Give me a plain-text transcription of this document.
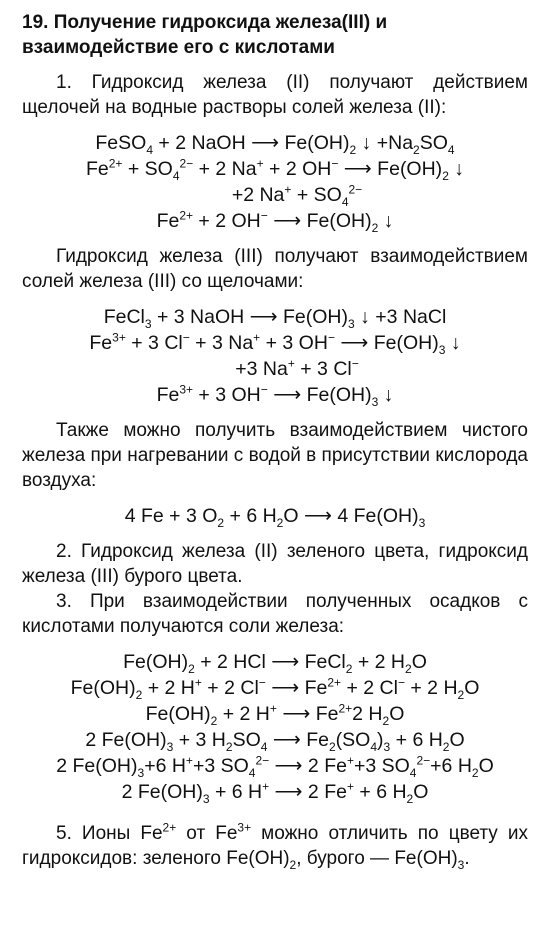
19. Получение гидроксида железа(III) и взаимодействие его с кислотами

1. Гидроксид железа (II) получают действием щелочей на водные растворы солей железа (II):

FeSO$_4$ + 2 NaOH ⟶ $Fe(OH)_2$ ↓ $+Na_2SO_4$
$Fe^{2+} + SO_4^{2-} + 2$ Na+ + 2 OH− ⟶ $Fe(OH)_2$ ↓
+2 $Na^+ + SO_4^{2-}$
$Fe^{2+} + 2$ OH− ⟶ $Fe(OH)_2$ ↓

Гидроксид железа (III) получают взаимодействием солей железа (III) со щелочами:

FeCl$_3$ + 3 NaOH ⟶ $Fe(OH)_3$ ↓ +3 NaCl
$Fe^{3+} + 3$ Cl− + 3 Na+ + 3 OH− ⟶ $Fe(OH)_3$ ↓
+3 Na+ + 3 Cl−
$Fe^{3+} + 3$ OH− ⟶ $Fe(OH)_3$ ↓

Также можно получить взаимодействием чистого железа при нагревании с водой в присутствии кислорода воздуха:

4 Fe + 3 $O_2 + 6$ $H_2O$ ⟶ 4 $Fe(OH)_3$

2. Гидроксид железа (II) зеленого цвета, гидроксид железа (III) бурого цвета.

3. При взаимодействии полученных осадков с кислотами получаются соли железа:

$Fe(OH)_2 + 2$ HCl ⟶ FeCl$_2$ + 2 $H_2O$
$Fe(OH)_2 + 2$ H+ + 2 Cl− ⟶ $Fe^{2+} + 2$ Cl− + 2 $H_2O$
$Fe(OH)_2 + 2$ H+ ⟶ $Fe^{2+}2$ $H_2O$
2 $Fe(OH)_3 + 3$ $H_2SO_4$ ⟶ $Fe_2(SO_4)_3 + 6$ $H_2O$
2 $Fe(OH)_3+6$ H++3 $SO_4^{2-}$ ⟶ 2 Fe++3 $SO_4^{2-}+6$ $H_2O$
2 $Fe(OH)_3 + 6$ H+ ⟶ 2 Fe+ + 6 $H_2O$

5. Ионы $Fe^{2+}$ от $Fe^{3+}$ можно отличить по цвету их гидроксидов: зеленого $Fe(OH)_2$, бурого — $Fe(OH)_3$.
